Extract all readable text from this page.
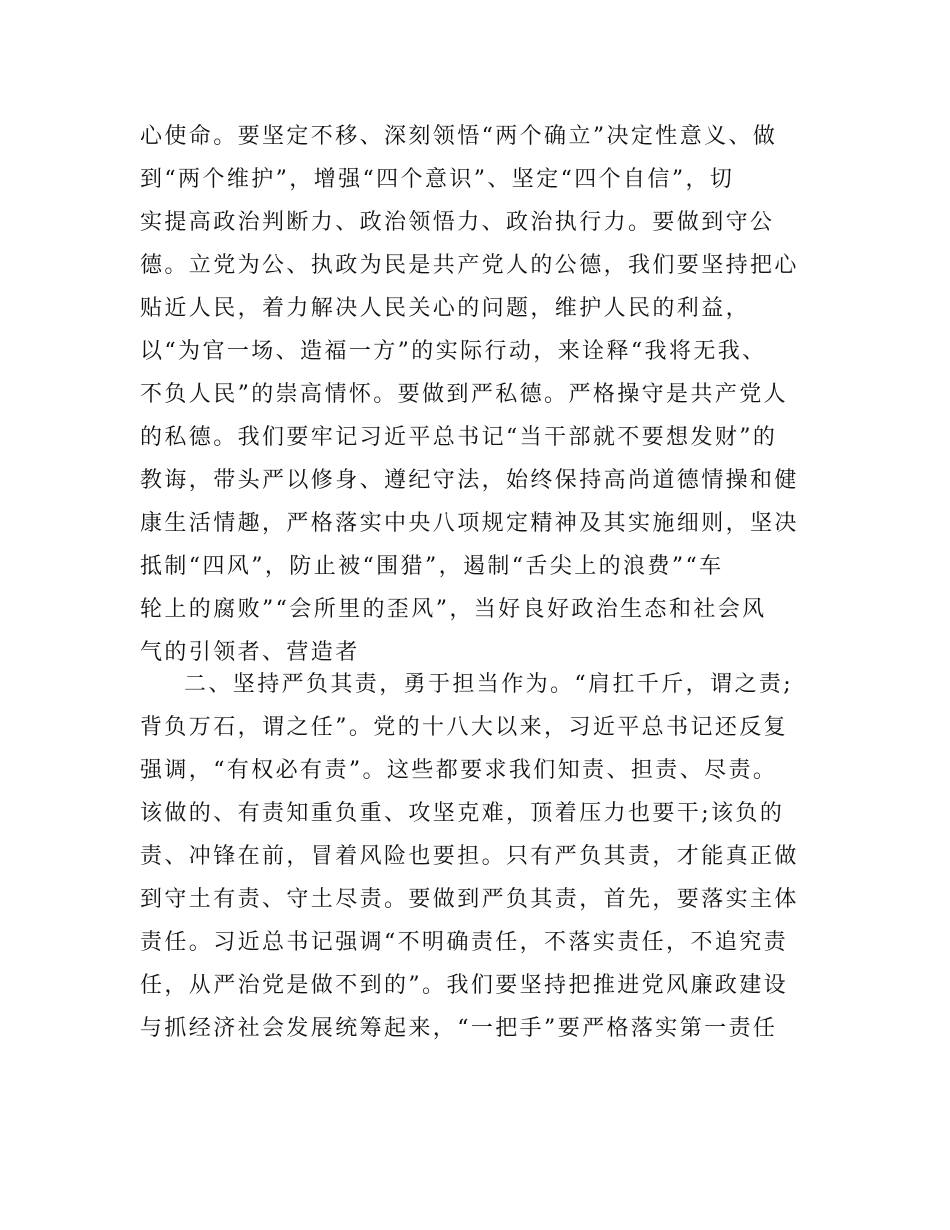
心使命。要坚定不移、深刻领悟“两个确立”决定性意义、做
到“两个维护”，增强“四个意识”、坚定“四个自信”，切
实提高政治判断力、政治领悟力、政治执行力。要做到守公
德。立党为公、执政为民是共产党人的公德，我们要坚持把心
贴近人民，着力解决人民关心的问题，维护人民的利益，
以“为官一场、造福一方”的实际行动，来诠释“我将无我、
不负人民”的崇高情怀。要做到严私德。严格操守是共产党人
的私德。我们要牢记习近平总书记“当干部就不要想发财”的
教诲，带头严以修身、遵纪守法，始终保持高尚道德情操和健
康生活情趣，严格落实中央八项规定精神及其实施细则，坚决
抵制“四风”，防止被“围猎”，遏制“舌尖上的浪费”“车
轮上的腐败”“会所里的歪风”，当好良好政治生态和社会风
气的引领者、营造者
二、坚持严负其责，勇于担当作为。“肩扛千斤，谓之责;
背负万石，谓之任”。党的十八大以来，习近平总书记还反复
强调，“有权必有责”。这些都要求我们知责、担责、尽责。
该做的、有责知重负重、攻坚克难，顶着压力也要干;该负的
责、冲锋在前，冒着风险也要担。只有严负其责，才能真正做
到守土有责、守土尽责。要做到严负其责，首先，要落实主体
责任。习近总书记强调“不明确责任，不落实责任，不追究责
任，从严治党是做不到的”。我们要坚持把推进党风廉政建设
与抓经济社会发展统筹起来，“一把手”要严格落实第一责任
